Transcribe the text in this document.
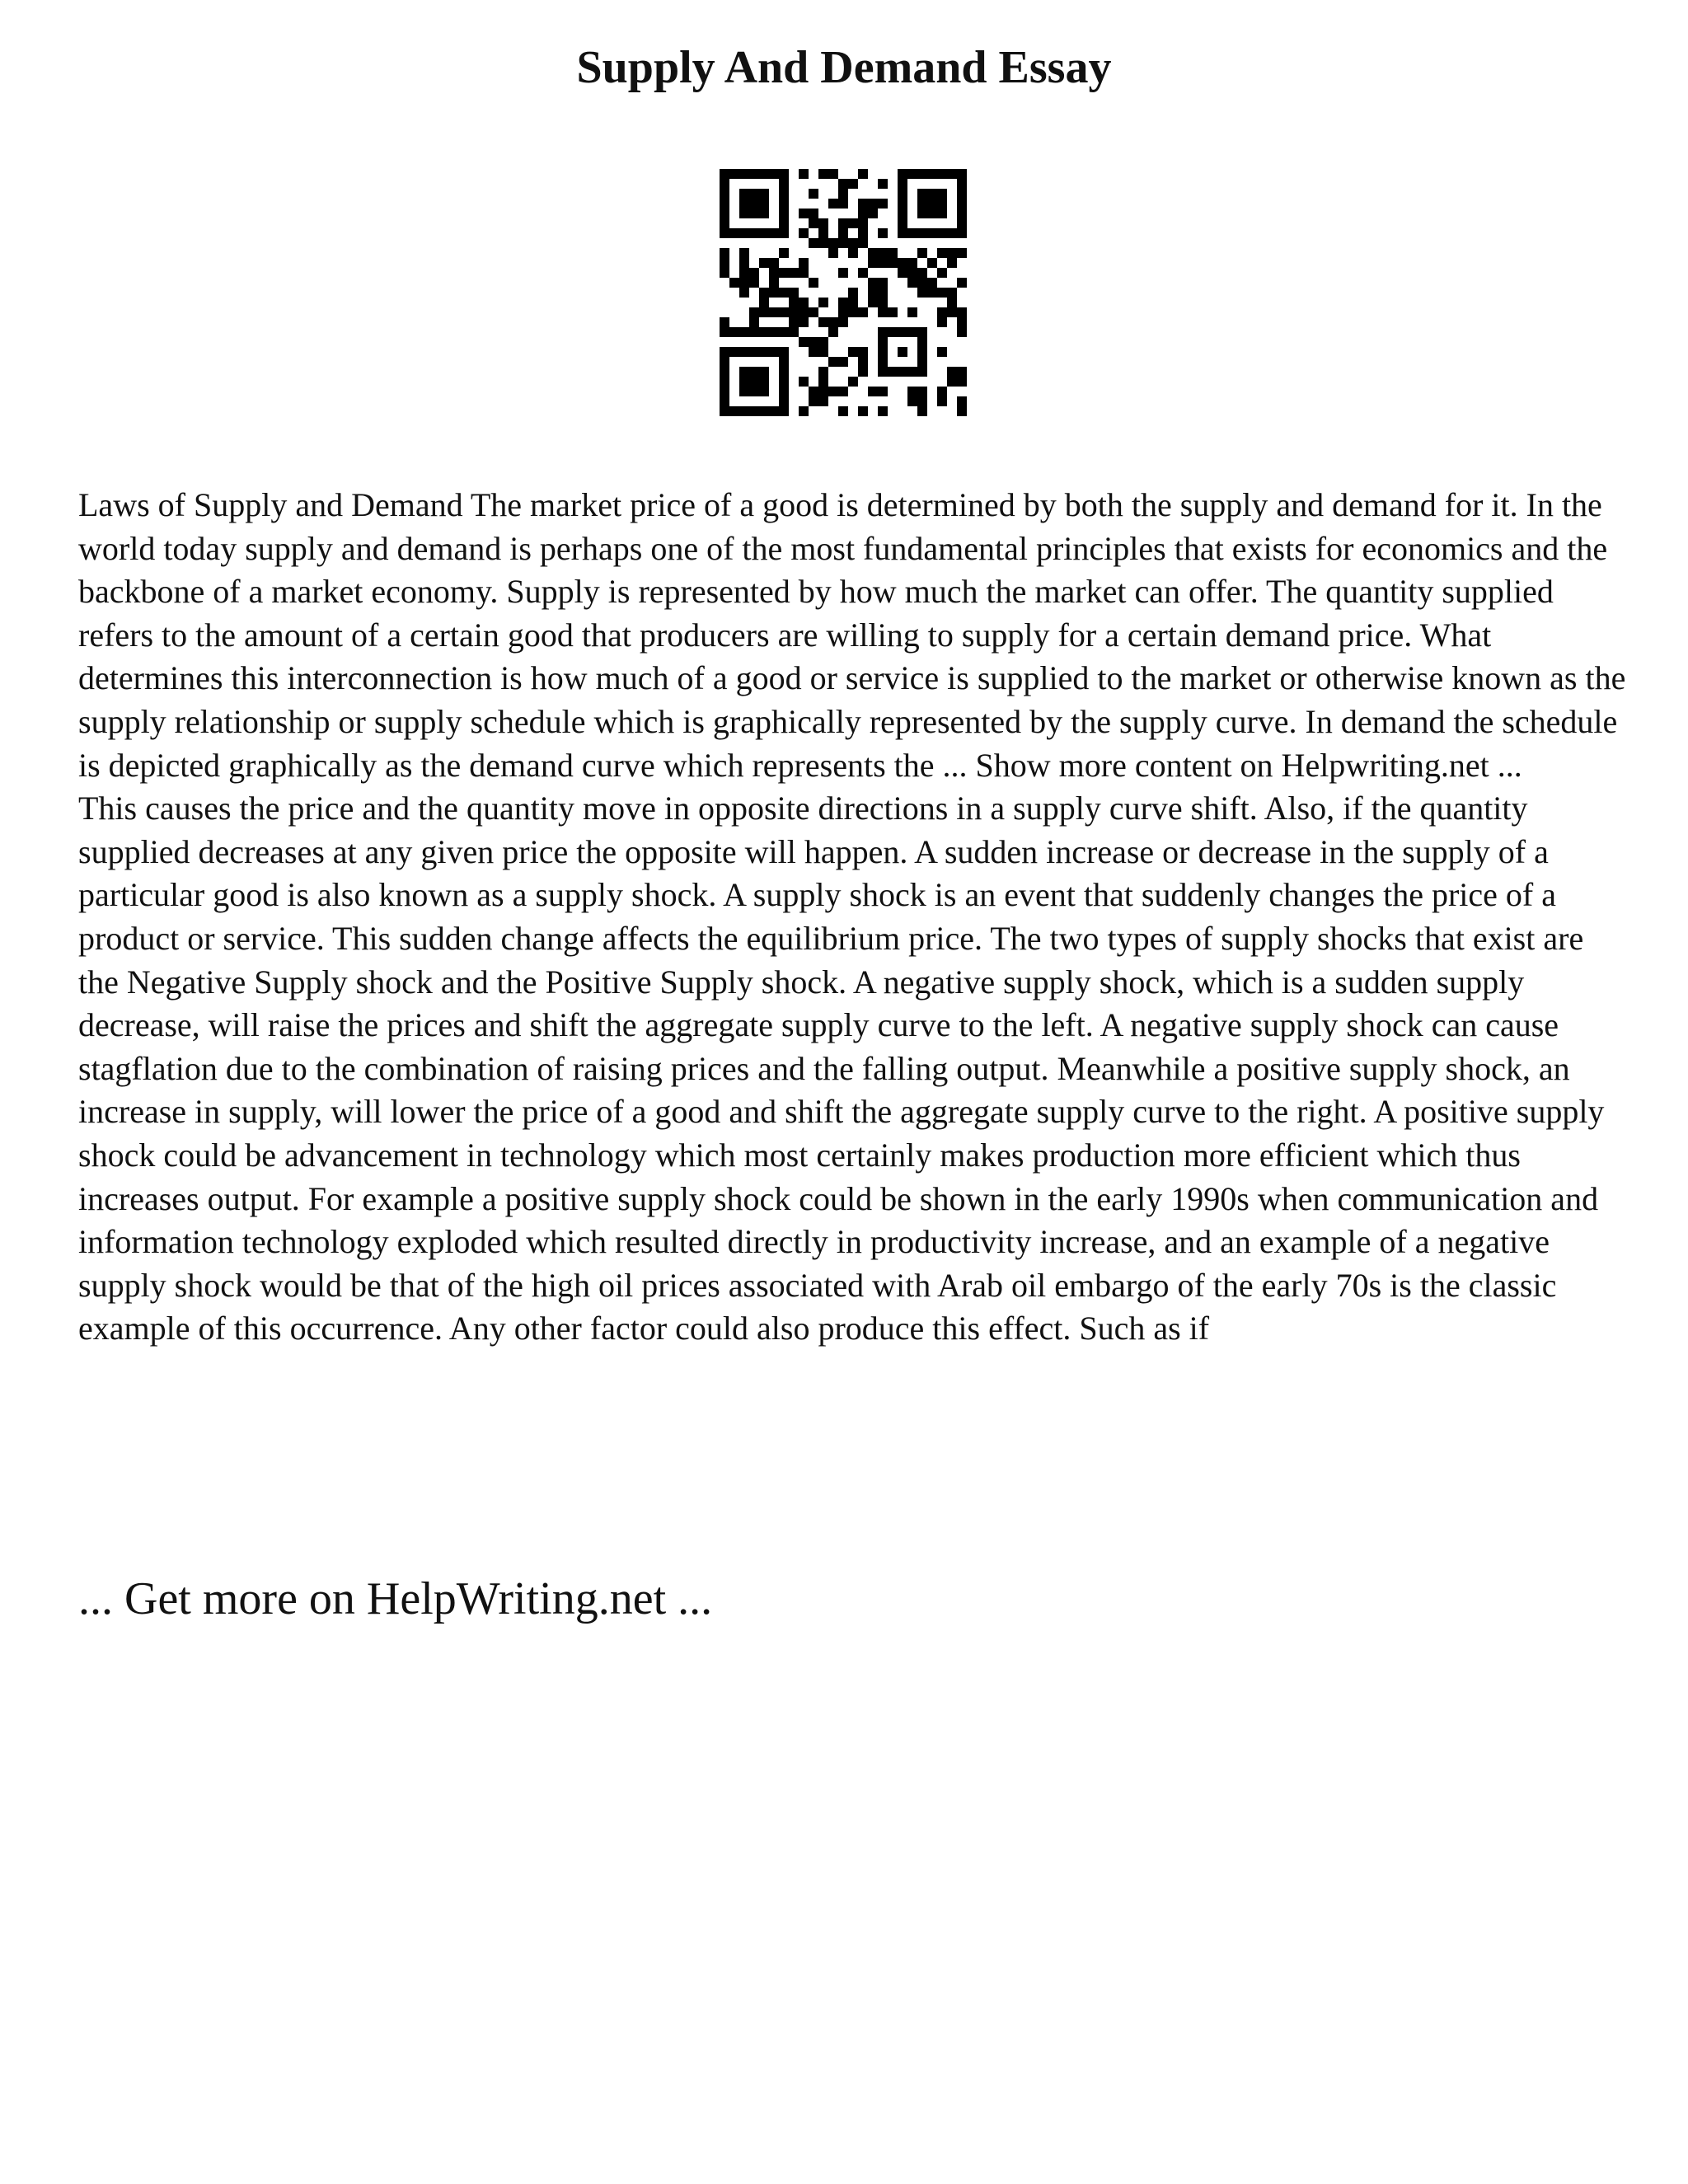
Supply And Demand Essay

Laws of Supply and Demand The market price of a good is determined by both the supply and demand for it. In the world today supply and demand is perhaps one of the most fundamental principles that exists for economics and the backbone of a market economy. Supply is represented by how much the market can offer. The quantity supplied refers to the amount of a certain good that producers are willing to supply for a certain demand price. What determines this interconnection is how much of a good or service is supplied to the market or otherwise known as the supply relationship or supply schedule which is graphically represented by the supply curve. In demand the schedule is depicted graphically as the demand curve which represents the ... Show more content on Helpwriting.net ...

This causes the price and the quantity move in opposite directions in a supply curve shift. Also, if the quantity supplied decreases at any given price the opposite will happen. A sudden increase or decrease in the supply of a particular good is also known as a supply shock. A supply shock is an event that suddenly changes the price of a product or service. This sudden change affects the equilibrium price. The two types of supply shocks that exist are the Negative Supply shock and the Positive Supply shock. A negative supply shock, which is a sudden supply decrease, will raise the prices and shift the aggregate supply curve to the left. A negative supply shock can cause stagflation due to the combination of raising prices and the falling output. Meanwhile a positive supply shock, an increase in supply, will lower the price of a good and shift the aggregate supply curve to the right. A positive supply shock could be advancement in technology which most certainly makes production more efficient which thus increases output. For example a positive supply shock could be shown in the early 1990s when communication and information technology exploded which resulted directly in productivity increase, and an example of a negative supply shock would be that of the high oil prices associated with Arab oil embargo of the early 70s is the classic example of this occurrence. Any other factor could also produce this effect. Such as if

... Get more on HelpWriting.net ...
